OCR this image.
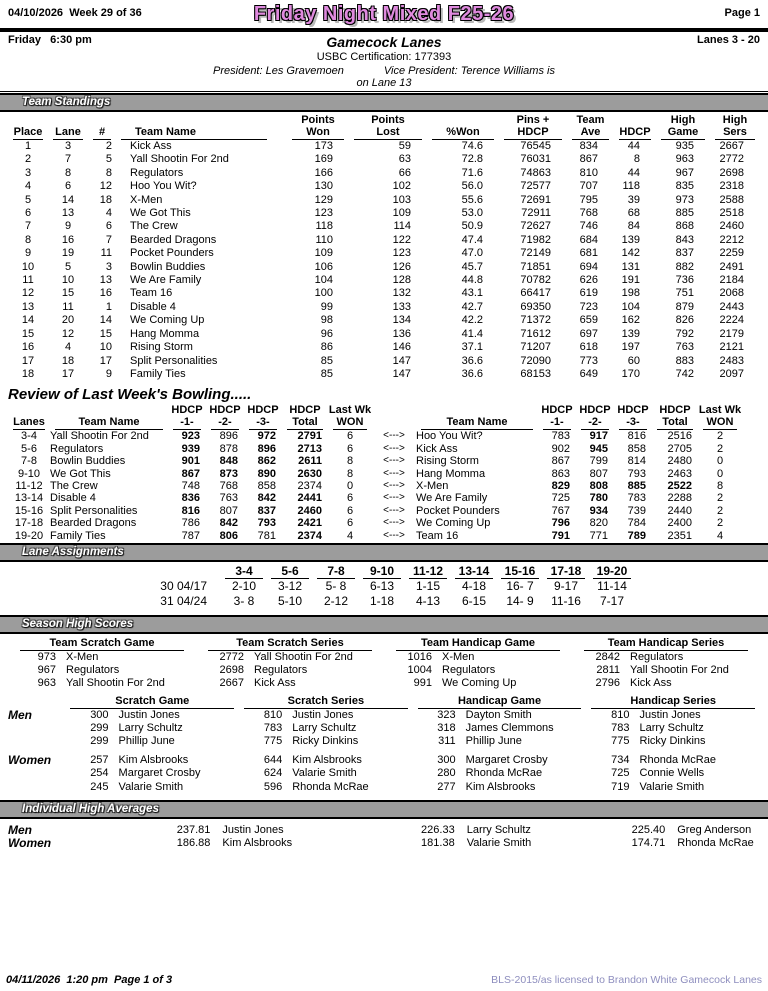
04/10/2026 Week 29 of 36	Friday Night Mixed F25-26	Page 1
Friday   6:30 pm	Gamecock Lanes
USBC Certification: 177393
President: Les Gravemoen	Vice President: Terence Williams is on Lane 13
Lanes 3 - 20
Team Standings

Place	Lane	#	Team Name

Points
Won

Points
Lost	%Won

Pins +
HDCP

Team
Ave	HDCP

High
Game

High
Sers

1	3	2	Kick Ass	173	59	74.6	76545	834	44	935	2667
2	7	5	Yall Shootin For 2nd	169	63	72.8	76031	867	8	963	2772
3	8	8	Regulators	166	66	71.6	74863	810	44	967	2698
4	6	12	Hoo You Wit?	130	102	56.0	72577	707	118	835	2318
5	14	18	X-Men	129	103	55.6	72691	795	39	973	2588
6	13	4	We Got This	123	109	53.0	72911	768	68	885	2518
7	9	6	The Crew	118	114	50.9	72627	746	84	868	2460
8	16	7	Bearded Dragons	110	122	47.4	71982	684	139	843	2212
9	19	11	Pocket Pounders	109	123	47.0	72149	681	142	837	2259
10	5	3	Bowlin Buddies	106	126	45.7	71851	694	131	882	2491
11	10	13	We Are Family	104	128	44.8	70782	626	191	736	2184
12	15	16	Team 16	100	132	43.1	66417	619	198	751	2068
13	11	1	Disable 4	99	133	42.7	69350	723	104	879	2443
14	20	14	We Coming Up	98	134	42.2	71372	659	162	826	2224
15	12	15	Hang Momma	96	136	41.4	71612	697	139	792	2179
16	4	10	Rising Storm	86	146	37.1	71207	618	197	763	2121
17	18	17	Split Personalities	85	147	36.6	72090	773	60	883	2483
18	17	9	Family Ties	85	147	36.6	68153	649	170	742	2097
Review of Last Week's Bowling.....

Lanes	Team Name

HDCP
-1-

HDCP
-2-

HDCP
-3-

HDCP
Total

Last Wk
WON

3-4	Yall Shootin For 2nd	923	896	972	2791	6
5-6	Regulators	939	878	896	2713	6
7-8	Bowlin Buddies	901	848	862	2611	8
9-10	We Got This	867	873	890	2630	8
11-12	The Crew	748	768	858	2374	0
13-14	Disable 4	836	763	842	2441	6
15-16	Split Personalities	816	807	837	2460	6
17-18	Bearded Dragons	786	842	793	2421	6
19-20	Family Ties	787	806	781	2374	4

Team Name

HDCP
-1-

HDCP
-2-

HDCP
-3-

HDCP
Total

Last Wk
WON

<--->	Hoo You Wit?	783	917	816	2516	2
<--->	Kick Ass	902	945	858	2705	2
<--->	Rising Storm	867	799	814	2480	0
<--->	Hang Momma	863	807	793	2463	0
<--->	X-Men	829	808	885	2522	8
<--->	We Are Family	725	780	783	2288	2
<--->	Pocket Pounders	767	934	739	2440	2
<--->	We Coming Up	796	820	784	2400	2
<--->	Team 16	791	771	789	2351	4
Lane Assignments

	3-4	5-6	7-8	9-10	11-12	13-14	15-16	17-18	19-20

30 04/17	2-10	3-12	5- 8	6-13	1-15	4-18	16- 7	9-17	11-14
31 04/24	3- 8	5-10	2-12	1-18	4-13	6-15	14- 9	11-16	7-17
Season High Scores
Team Scratch Game
973 X-Men
967 Regulators
963 Yall Shootin For 2nd
Team Scratch Series
2772 Yall Shootin For 2nd
2698 Regulators
2667 Kick Ass
Team Handicap Game
1016 X-Men
1004 Regulators
991 We Coming Up
Team Handicap Series
2842 Regulators
2811 Yall Shootin For 2nd
2796 Kick Ass

	Scratch Game		Scratch Series		Handicap Game		Handicap Series	

Men	300	Justin Jones	810	Justin Jones	323	Dayton Smith	810	Justin Jones
	299	Larry Schultz	783	Larry Schultz	318	James Clemmons	783	Larry Schultz
	299	Phillip June	775	Ricky Dinkins	311	Phillip June	775	Ricky Dinkins

Women	257	Kim Alsbrooks	644	Kim Alsbrooks	300	Margaret Crosby	734	Rhonda McRae
	254	Margaret Crosby	624	Valarie Smith	280	Rhonda McRae	725	Connie Wells
	245	Valarie Smith	596	Rhonda McRae	277	Kim Alsbrooks	719	Valarie Smith
Individual High Averages
Men	237.81	Justin Jones	226.33	Larry Schultz	225.40	Greg Anderson
Women	186.88	Kim Alsbrooks	181.38	Valarie Smith	174.71	Rhonda McRae
04/11/2026  1:20 pm  Page 1 of 3	BLS-2015/as licensed to Brandon White Gamecock Lanes
